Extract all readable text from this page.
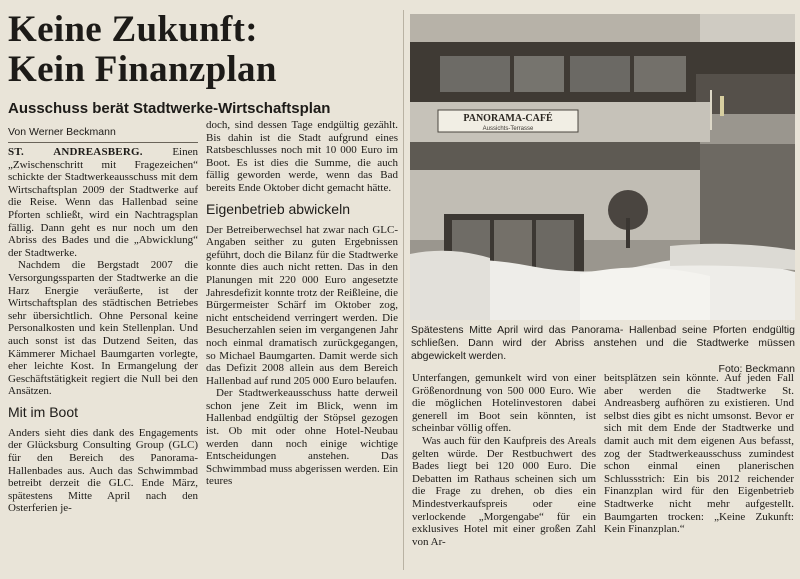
Keine Zukunft:
Kein Finanzplan
Ausschuss berät Stadtwerke-Wirtschaftsplan
Von Werner Beckmann

ST. ANDREASBERG. Einen „Zwischenschritt mit Fragezeichen“ schickte der Stadtwerkeausschuss mit dem Wirtschaftsplan 2009 der Stadtwerke auf die Reise. Wenn das Hallenbad seine Pforten schließt, wird ein Nachtragsplan fällig. Dann geht es nur noch um den Abriss des Bades und die „Abwicklung“ der Stadtwerke.

Nachdem die Bergstadt 2007 die Versorgungssparten der Stadtwerke an die Harz Energie veräußerte, ist der Wirtschaftsplan des städtischen Betriebes sehr übersichtlich. Ohne Personal keine Personalkosten und kein Stellenplan. Und auch sonst ist das Dutzend Seiten, das Kämmerer Michael Baumgarten vorlegte, eher leichte Kost. In Ermangelung der Geschäftstätigkeit regiert die Null bei den Ansätzen.

Mit im Boot

Anders sieht dies dank des Engagements der Glücksburg Consulting Group (GLC) für den Bereich des Panorama-Hallenbades aus. Auch das Schwimmbad betreibt derzeit die GLC. Ende März, spätestens Mitte April nach den Osterferien je-

doch, sind dessen Tage endgültig gezählt. Bis dahin ist die Stadt aufgrund eines Ratsbeschlusses noch mit 10 000 Euro im Boot. Es ist dies die Summe, die auch fällig geworden werde, wenn das Bad bereits Ende Oktober dicht gemacht hätte.

Eigenbetrieb abwickeln

Der Betreiberwechsel hat zwar nach GLC-Angaben seither zu guten Ergebnissen geführt, doch die Bilanz für die Stadtwerke konnte dies auch nicht retten. Das in den Planungen mit 220 000 Euro angesetzte Jahresdefizit konnte trotz der Reißleine, die Bürgermeister Schärf im Oktober zog, nicht entscheidend verringert werden. Die Besucherzahlen seien im vergangenen Jahr noch einmal dramatisch zurückgegangen, so Michael Baumgarten. Damit werde sich das Defizit 2008 allein aus dem Bereich Hallenbad auf rund 205 000 Euro belaufen.

Der Stadtwerkeausschuss hatte derweil schon jene Zeit im Blick, wenn im Hallenbad endgültig der Stöpsel gezogen ist. Ob mit oder ohne Hotel-Neubau werden dann noch einige wichtige Entscheidungen anstehen. Das Schwimmbad muss abgerissen werden. Ein teures

PANORAMA-CAFÉ
Aussichts-Terrasse
Spätestens Mitte April wird das Panorama- Hallenbad seine Pforten endgültig schließen. Dann wird der Abriss anstehen und die Stadtwerke müssen abgewickelt werden.
Foto: Beckmann

Unterfangen, gemunkelt wird von einer Größenordnung von 500 000 Euro. Wie die möglichen Hotelinvestoren dabei generell im Boot sein könnten, ist scheinbar völlig offen.

Was auch für den Kaufpreis des Areals gelten würde. Der Restbuchwert des Bades liegt bei 120 000 Euro. Die Debatten im Rathaus scheinen sich um die Frage zu drehen, ob dies ein Mindestverkaufspreis oder eine verlockende „Morgengabe“ für ein exklusives Hotel mit einer großen Zahl von Ar-

beitsplätzen sein könnte. Auf jeden Fall aber werden die Stadtwerke St. Andreasberg aufhören zu existieren. Und selbst dies gibt es nicht umsonst. Bevor er sich mit dem Ende der Stadtwerke und damit auch mit dem eigenen Aus befasst, zog der Stadtwerkeausschuss zumindest schon einmal einen planerischen Schlussstrich: Ein bis 2012 reichender Finanzplan wird für den Eigenbetrieb Stadtwerke nicht mehr aufgestellt. Baumgarten trocken: „Keine Zukunft: Kein Finanzplan.“
